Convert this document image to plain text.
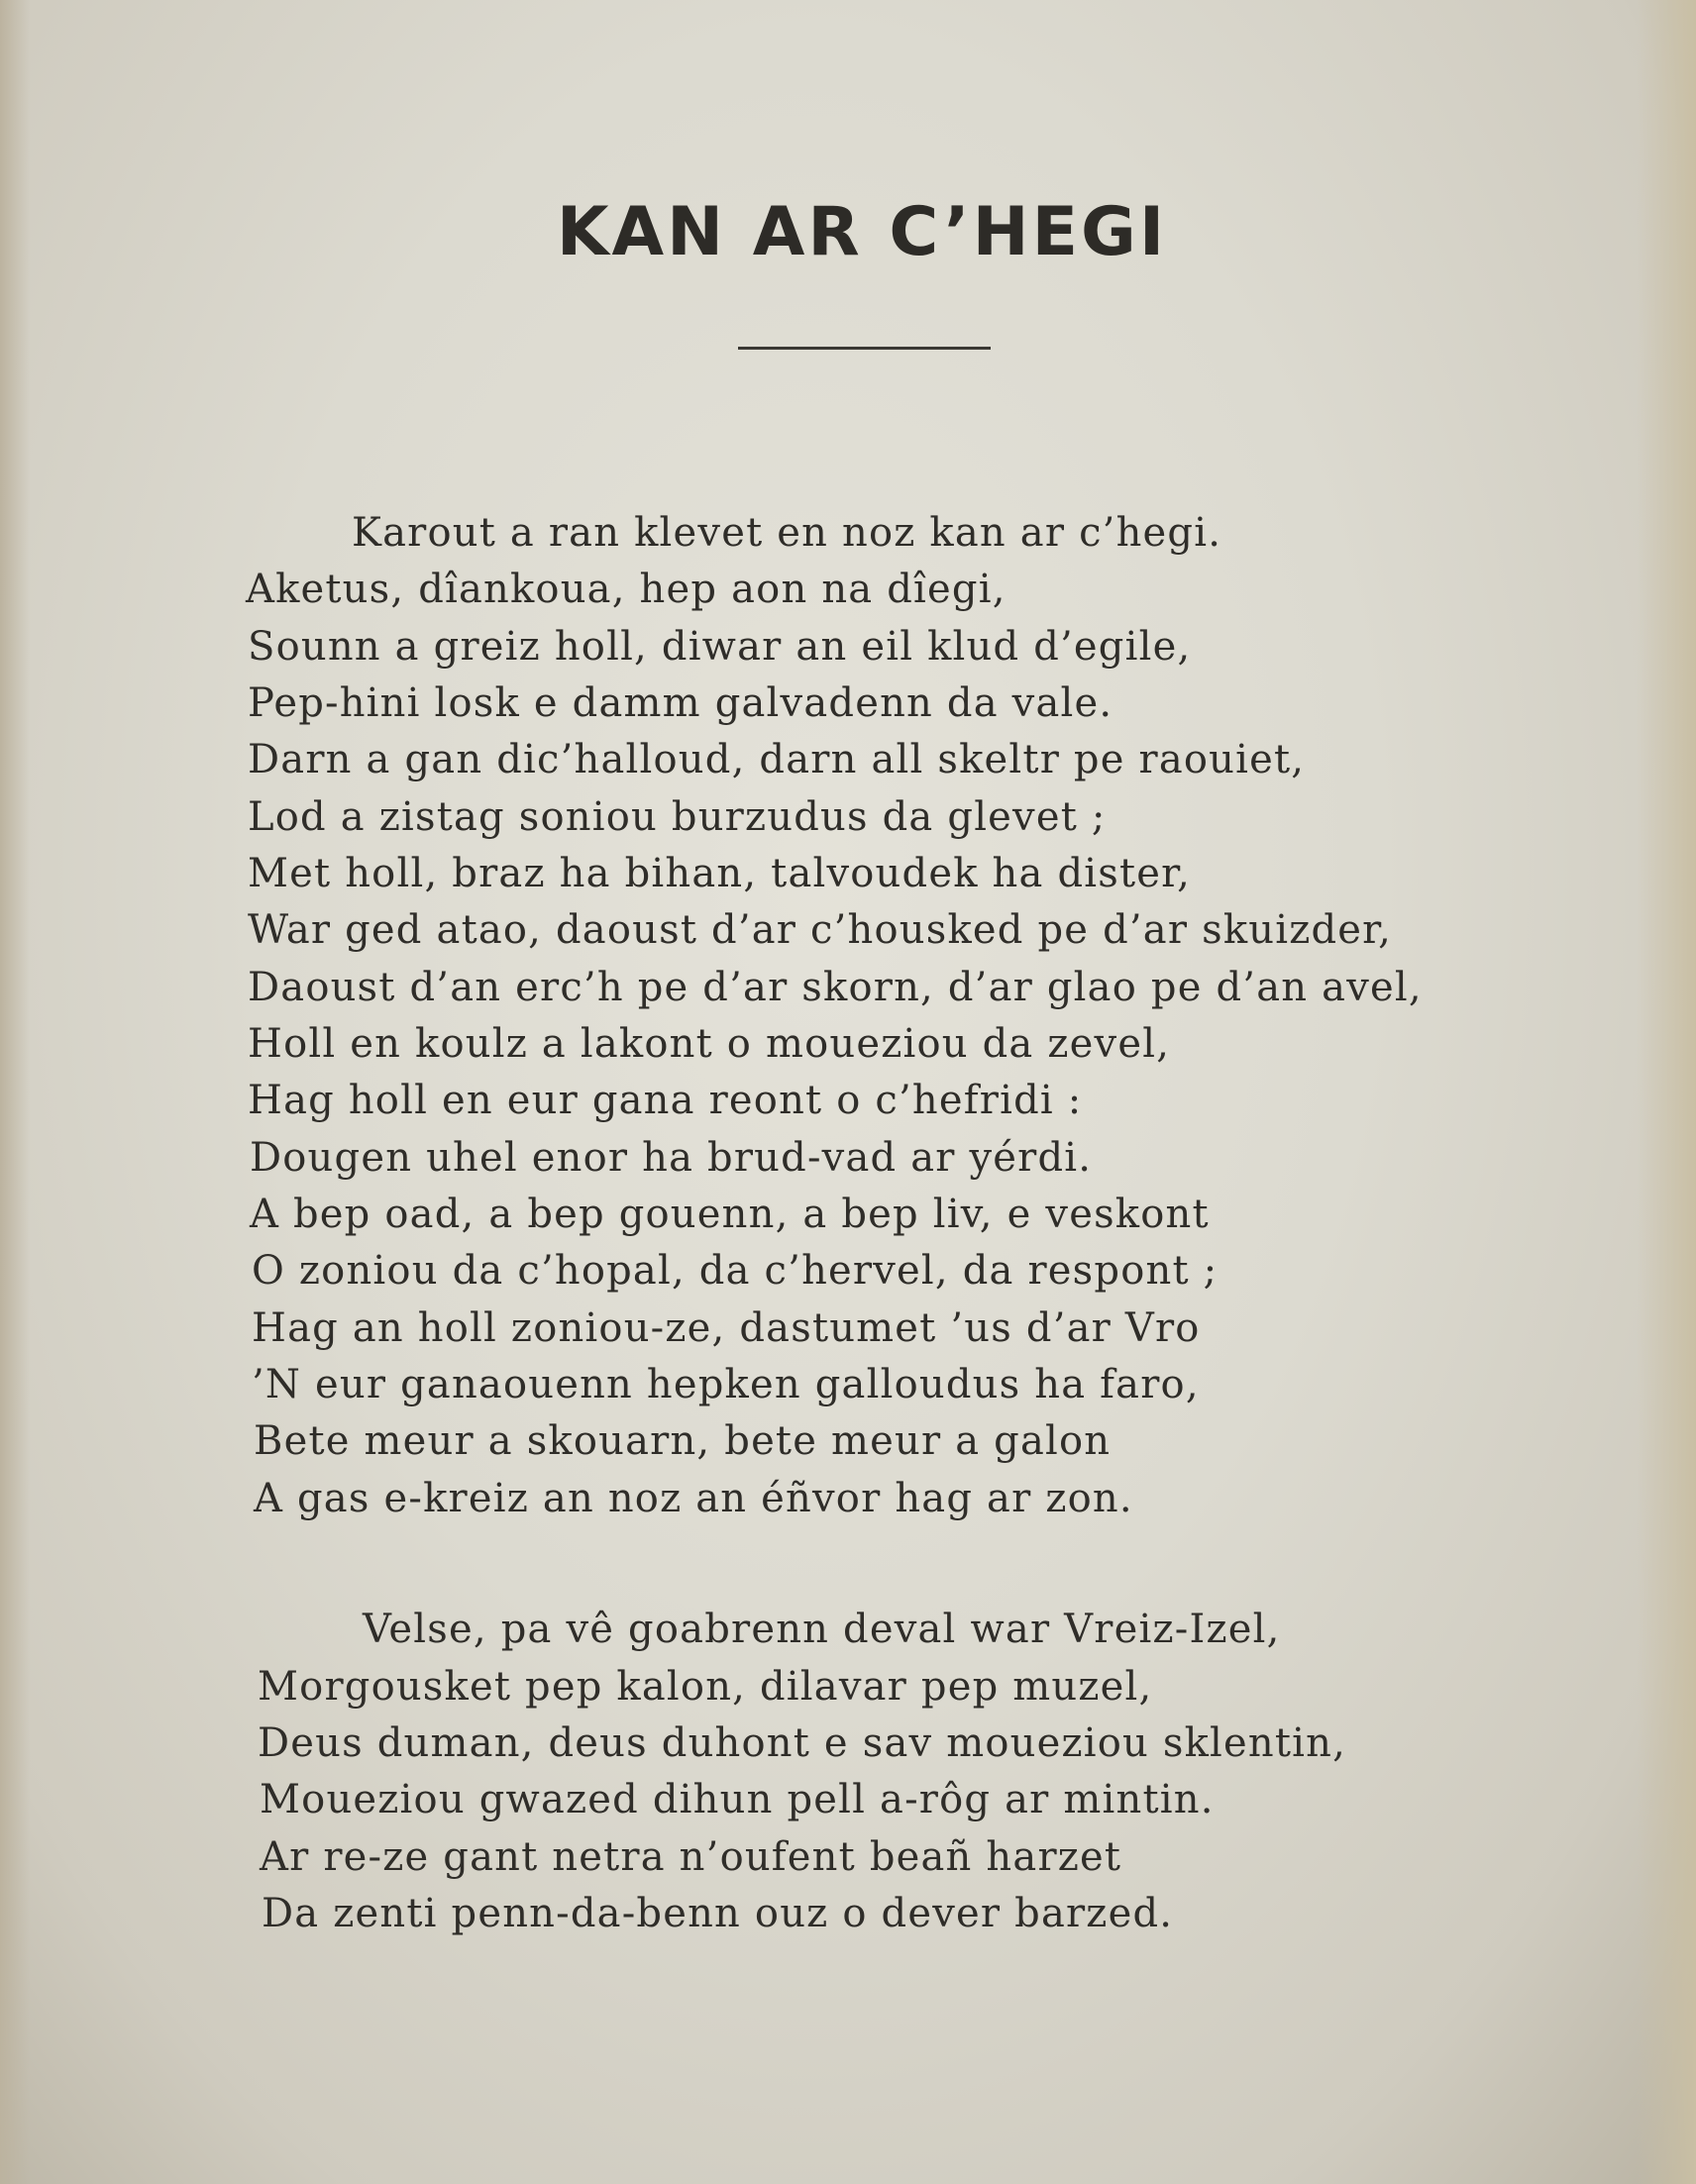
KAN AR C’HEGI
Karout a ran klevet en noz kan ar c’hegi.
Aketus, dîankoua, hep aon na dîegi,
Sounn a greiz holl, diwar an eil klud d’egile,
Pep-hini losk e damm galvadenn da vale.
Darn a gan dic’halloud, darn all skeltr pe raouiet,
Lod a zistag soniou burzudus da glevet ;
Met holl, braz ha bihan, talvoudek ha dister,
War ged atao, daoust d’ar c’housked pe d’ar skuizder,
Daoust d’an erc’h pe d’ar skorn, d’ar glao pe d’an avel,
Holl en koulz a lakont o moueziou da zevel,
Hag holl en eur gana reont o c’hefridi :
Dougen uhel enor ha brud-vad ar yérdi.
A bep oad, a bep gouenn, a bep liv, e veskont
O zoniou da c’hopal, da c’hervel, da respont ;
Hag an holl zoniou-ze, dastumet ’us d’ar Vro
’N eur ganaouenn hepken galloudus ha faro,
Bete meur a skouarn, bete meur a galon
A gas e-kreiz an noz an éñvor hag ar zon.
Velse, pa vê goabrenn deval war Vreiz-Izel,
Morgousket pep kalon, dilavar pep muzel,
Deus duman, deus duhont e sav moueziou sklentin,
Moueziou gwazed dihun pell a-rôg ar mintin.
Ar re-ze gant netra n’oufent beañ harzet
Da zenti penn-da-benn ouz o dever barzed.
